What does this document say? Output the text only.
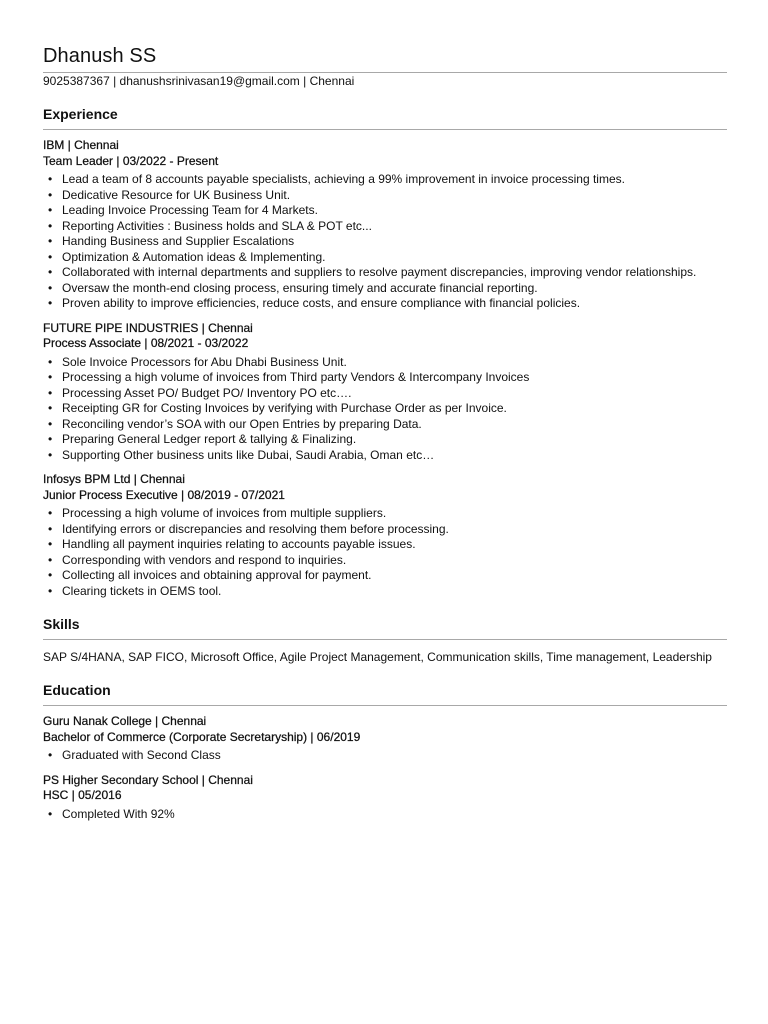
Dhanush SS
9025387367 | dhanushsrinivasan19@gmail.com | Chennai
Experience
IBM | Chennai
Team Leader | 03/2022 - Present
• Lead a team of 8 accounts payable specialists, achieving a 99% improvement in invoice processing times.
• Dedicative Resource for UK Business Unit.
• Leading Invoice Processing Team for 4 Markets.
• Reporting Activities : Business holds and SLA & POT etc...
• Handing Business and Supplier Escalations
• Optimization & Automation ideas & Implementing.
• Collaborated with internal departments and suppliers to resolve payment discrepancies, improving vendor relationships.
• Oversaw the month-end closing process, ensuring timely and accurate financial reporting.
• Proven ability to improve efficiencies, reduce costs, and ensure compliance with financial policies.
FUTURE PIPE INDUSTRIES | Chennai
Process Associate | 08/2021 - 03/2022
• Sole Invoice Processors for Abu Dhabi Business Unit.
• Processing a high volume of invoices from Third party Vendors & Intercompany Invoices
• Processing Asset PO/ Budget PO/ Inventory PO etc….
• Receipting GR for Costing Invoices by verifying with Purchase Order as per Invoice.
• Reconciling vendor’s SOA with our Open Entries by preparing Data.
• Preparing General Ledger report & tallying & Finalizing.
• Supporting Other business units like Dubai, Saudi Arabia, Oman etc…
Infosys BPM Ltd | Chennai
Junior Process Executive | 08/2019 - 07/2021
• Processing a high volume of invoices from multiple suppliers.
• Identifying errors or discrepancies and resolving them before processing.
• Handling all payment inquiries relating to accounts payable issues.
• Corresponding with vendors and respond to inquiries.
• Collecting all invoices and obtaining approval for payment.
• Clearing tickets in OEMS tool.
Skills
SAP S/4HANA, SAP FICO, Microsoft Office, Agile Project Management, Communication skills, Time management, Leadership
Education
Guru Nanak College | Chennai
Bachelor of Commerce (Corporate Secretaryship) | 06/2019
• Graduated with Second Class
PS Higher Secondary School | Chennai
HSC | 05/2016
• Completed With 92%
